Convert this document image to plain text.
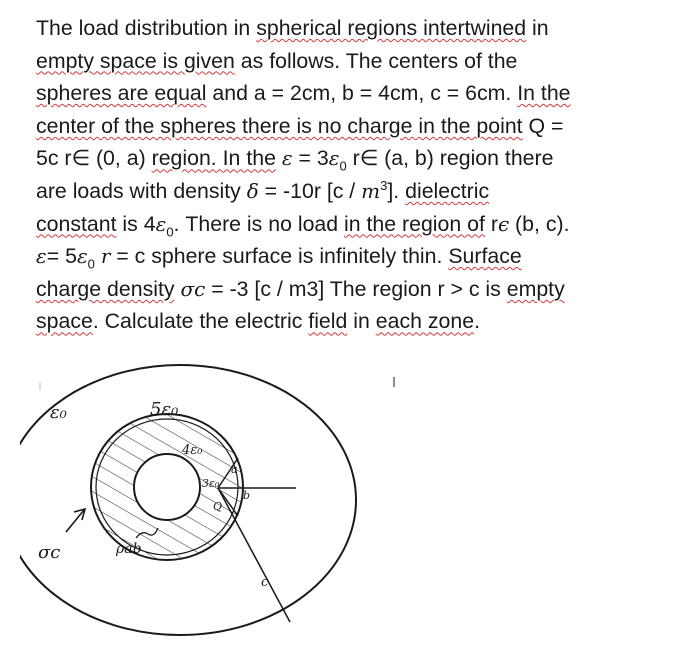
The load distribution in spherical regions intertwined in
empty space is given as follows. The centers of the
spheres are equal and a = 2cm, b = 4cm, c = 6cm. In the
center of the spheres there is no charge in the point Q =
5c r∈ (0, a) region. In the $\varepsilon = 3\varepsilon_0$ r∈ (a, b) region there
are loads with density δ = -10r $[c / m^3]$. dielectric
constant is $4\varepsilon_0$. There is no load in the region of rϵ (b, c).
$\varepsilon= 5\varepsilon_0$ r = c sphere surface is infinitely thin. Surface
charge density σc = -3 [c / m3] The region r > c is empty
space. Calculate the electric field in each zone.
ε₀	5ε₀
4ε₀
3ε₀
a
b
Q
c
ρab
σc
